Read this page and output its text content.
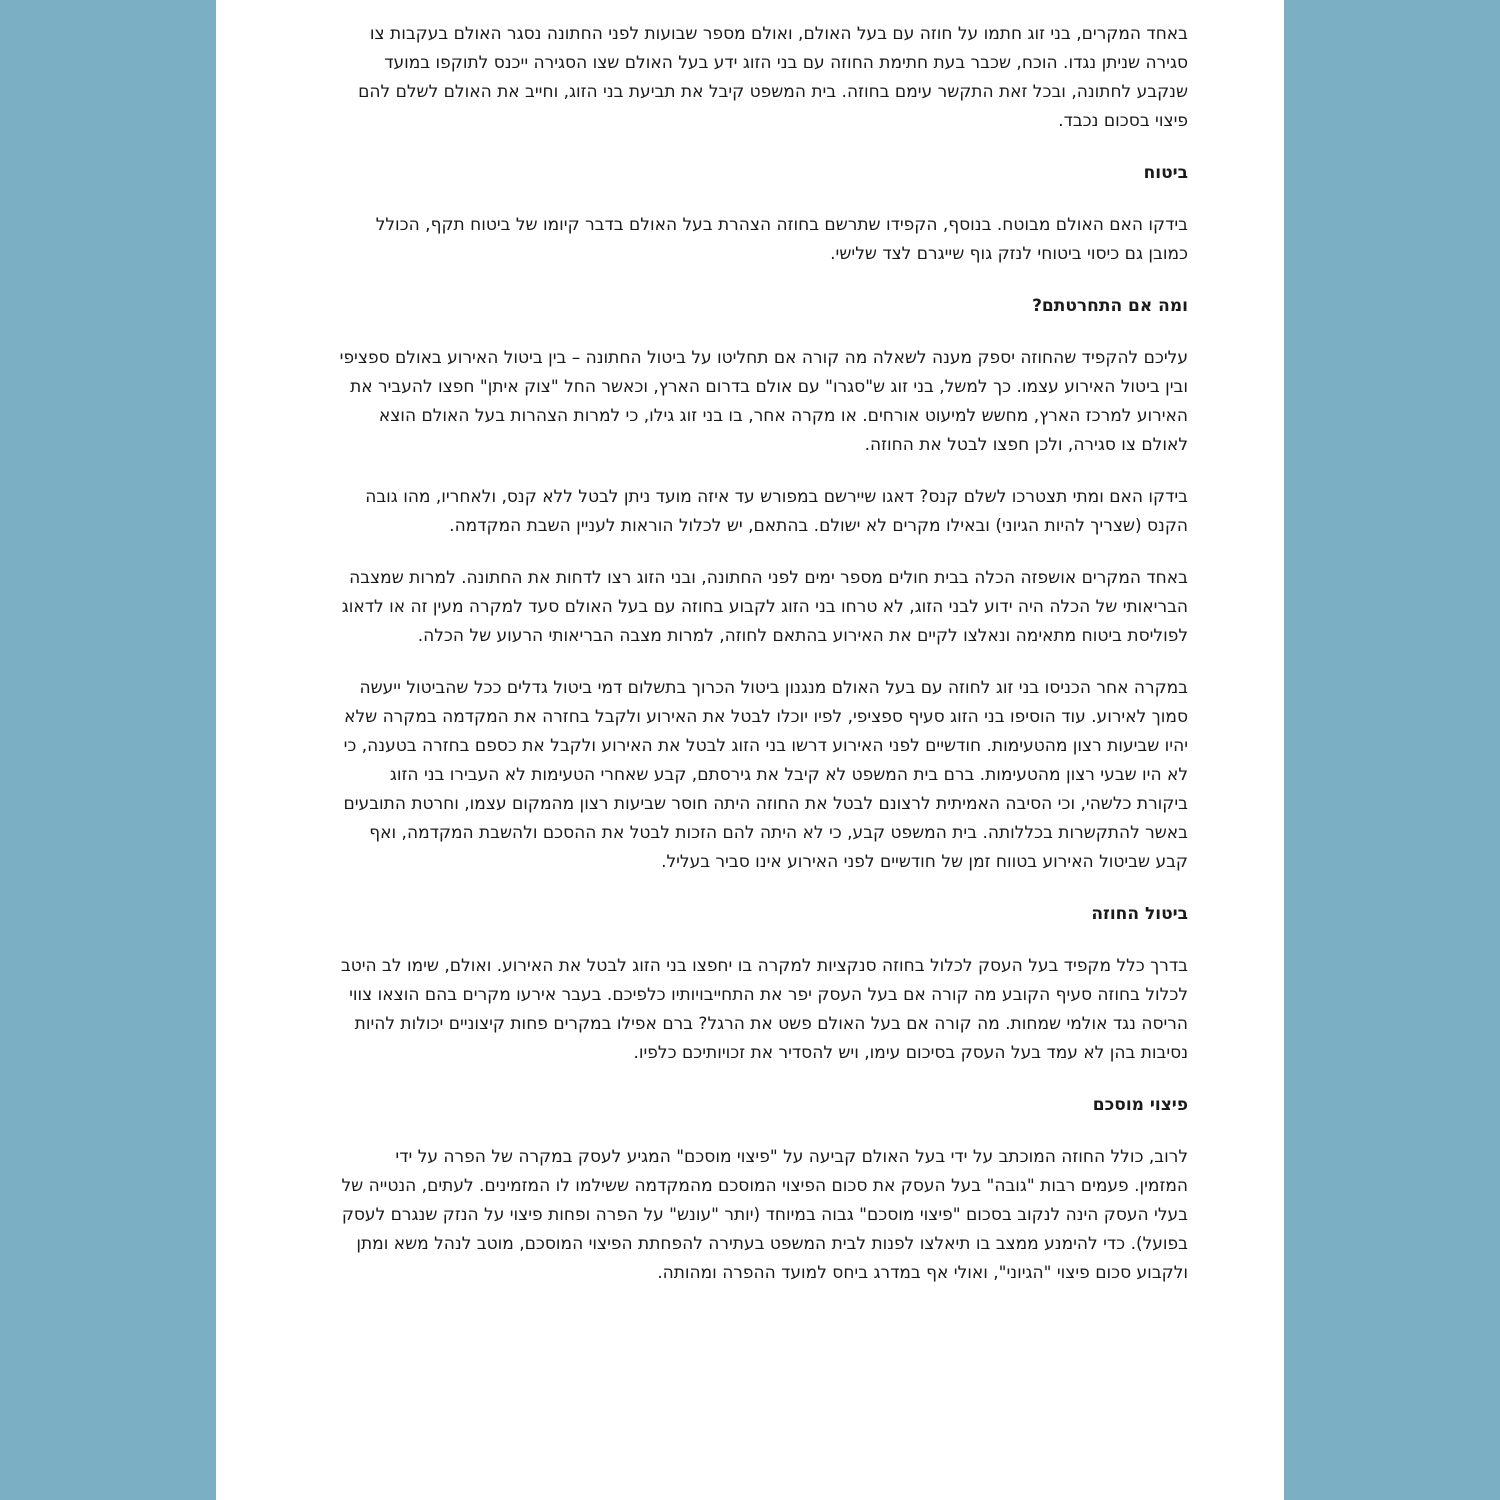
באחד המקרים, בני זוג חתמו על חוזה עם בעל האולם, ואולם מספר שבועות לפני החתונה נסגר האולם בעקבות צו סגירה שניתן נגדו. הוכח, שכבר בעת חתימת החוזה עם בני הזוג ידע בעל האולם שצו הסגירה ייכנס לתוקפו במועד שנקבע לחתונה, ובכל זאת התקשר עימם בחוזה. בית המשפט קיבל את תביעת בני הזוג, וחייב את האולם לשלם להם פיצוי בסכום נכבד.

ביטוח

בידקו האם האולם מבוטח. בנוסף, הקפידו שתרשם בחוזה הצהרת בעל האולם בדבר קיומו של ביטוח תקף, הכולל כמובן גם כיסוי ביטוחי לנזק גוף שייגרם לצד שלישי.

ומה אם התחרטתם?

עליכם להקפיד שהחוזה יספק מענה לשאלה מה קורה אם תחליטו על ביטול החתונה – בין ביטול האירוע באולם ספציפי ובין ביטול האירוע עצמו. כך למשל, בני זוג ש"סגרו" עם אולם בדרום הארץ, וכאשר החל "צוק איתן" חפצו להעביר את האירוע למרכז הארץ, מחשש למיעוט אורחים. או מקרה אחר, בו בני זוג גילו, כי למרות הצהרות בעל האולם הוצא לאולם צו סגירה, ולכן חפצו לבטל את החוזה.

בידקו האם ומתי תצטרכו לשלם קנס? דאגו שיירשם במפורש עד איזה מועד ניתן לבטל ללא קנס, ולאחריו, מהו גובה הקנס (שצריך להיות הגיוני) ובאילו מקרים לא ישולם. בהתאם, יש לכלול הוראות לעניין השבת המקדמה.

באחד המקרים אושפזה הכלה בבית חולים מספר ימים לפני החתונה, ובני הזוג רצו לדחות את החתונה. למרות שמצבה הבריאותי של הכלה היה ידוע לבני הזוג, לא טרחו בני הזוג לקבוע בחוזה עם בעל האולם סעד למקרה מעין זה או לדאוג לפוליסת ביטוח מתאימה ונאלצו לקיים את האירוע בהתאם לחוזה, למרות מצבה הבריאותי הרעוע של הכלה.

במקרה אחר הכניסו בני זוג לחוזה עם בעל האולם מנגנון ביטול הכרוך בתשלום דמי ביטול גדלים ככל שהביטול ייעשה סמוך לאירוע. עוד הוסיפו בני הזוג סעיף ספציפי, לפיו יוכלו לבטל את האירוע ולקבל בחזרה את המקדמה במקרה שלא יהיו שביעות רצון מהטעימות. חודשיים לפני האירוע דרשו בני הזוג לבטל את האירוע ולקבל את כספם בחזרה בטענה, כי לא היו שבעי רצון מהטעימות. ברם בית המשפט לא קיבל את גירסתם, קבע שאחרי הטעימות לא העבירו בני הזוג ביקורת כלשהי, וכי הסיבה האמיתית לרצונם לבטל את החוזה היתה חוסר שביעות רצון מהמקום עצמו, וחרטת התובעים באשר להתקשרות בכללותה. בית המשפט קבע, כי לא היתה להם הזכות לבטל את ההסכם ולהשבת המקדמה, ואף קבע שביטול האירוע בטווח זמן של חודשיים לפני האירוע אינו סביר בעליל.

ביטול החוזה

בדרך כלל מקפיד בעל העסק לכלול בחוזה סנקציות למקרה בו יחפצו בני הזוג לבטל את האירוע. ואולם, שימו לב היטב לכלול בחוזה סעיף הקובע מה קורה אם בעל העסק יפר את התחייבויותיו כלפיכם. בעבר אירעו מקרים בהם הוצאו צווי הריסה נגד אולמי שמחות. מה קורה אם בעל האולם פשט את הרגל? ברם אפילו במקרים פחות קיצוניים יכולות להיות נסיבות בהן לא עמד בעל העסק בסיכום עימו, ויש להסדיר את זכויותיכם כלפיו.

פיצוי מוסכם

לרוב, כולל החוזה המוכתב על ידי בעל האולם קביעה על "פיצוי מוסכם" המגיע לעסק במקרה של הפרה על ידי המזמין. פעמים רבות "גובה" בעל העסק את סכום הפיצוי המוסכם מהמקדמה ששילמו לו המזמינים. לעתים, הנטייה של בעלי העסק הינה לנקוב בסכום "פיצוי מוסכם" גבוה במיוחד (יותר "עונש" על הפרה ופחות פיצוי על הנזק שנגרם לעסק בפועל). כדי להימנע ממצב בו תיאלצו לפנות לבית המשפט בעתירה להפחתת הפיצוי המוסכם, מוטב לנהל משא ומתן ולקבוע סכום פיצוי "הגיוני", ואולי אף במדרג ביחס למועד ההפרה ומהותה.
